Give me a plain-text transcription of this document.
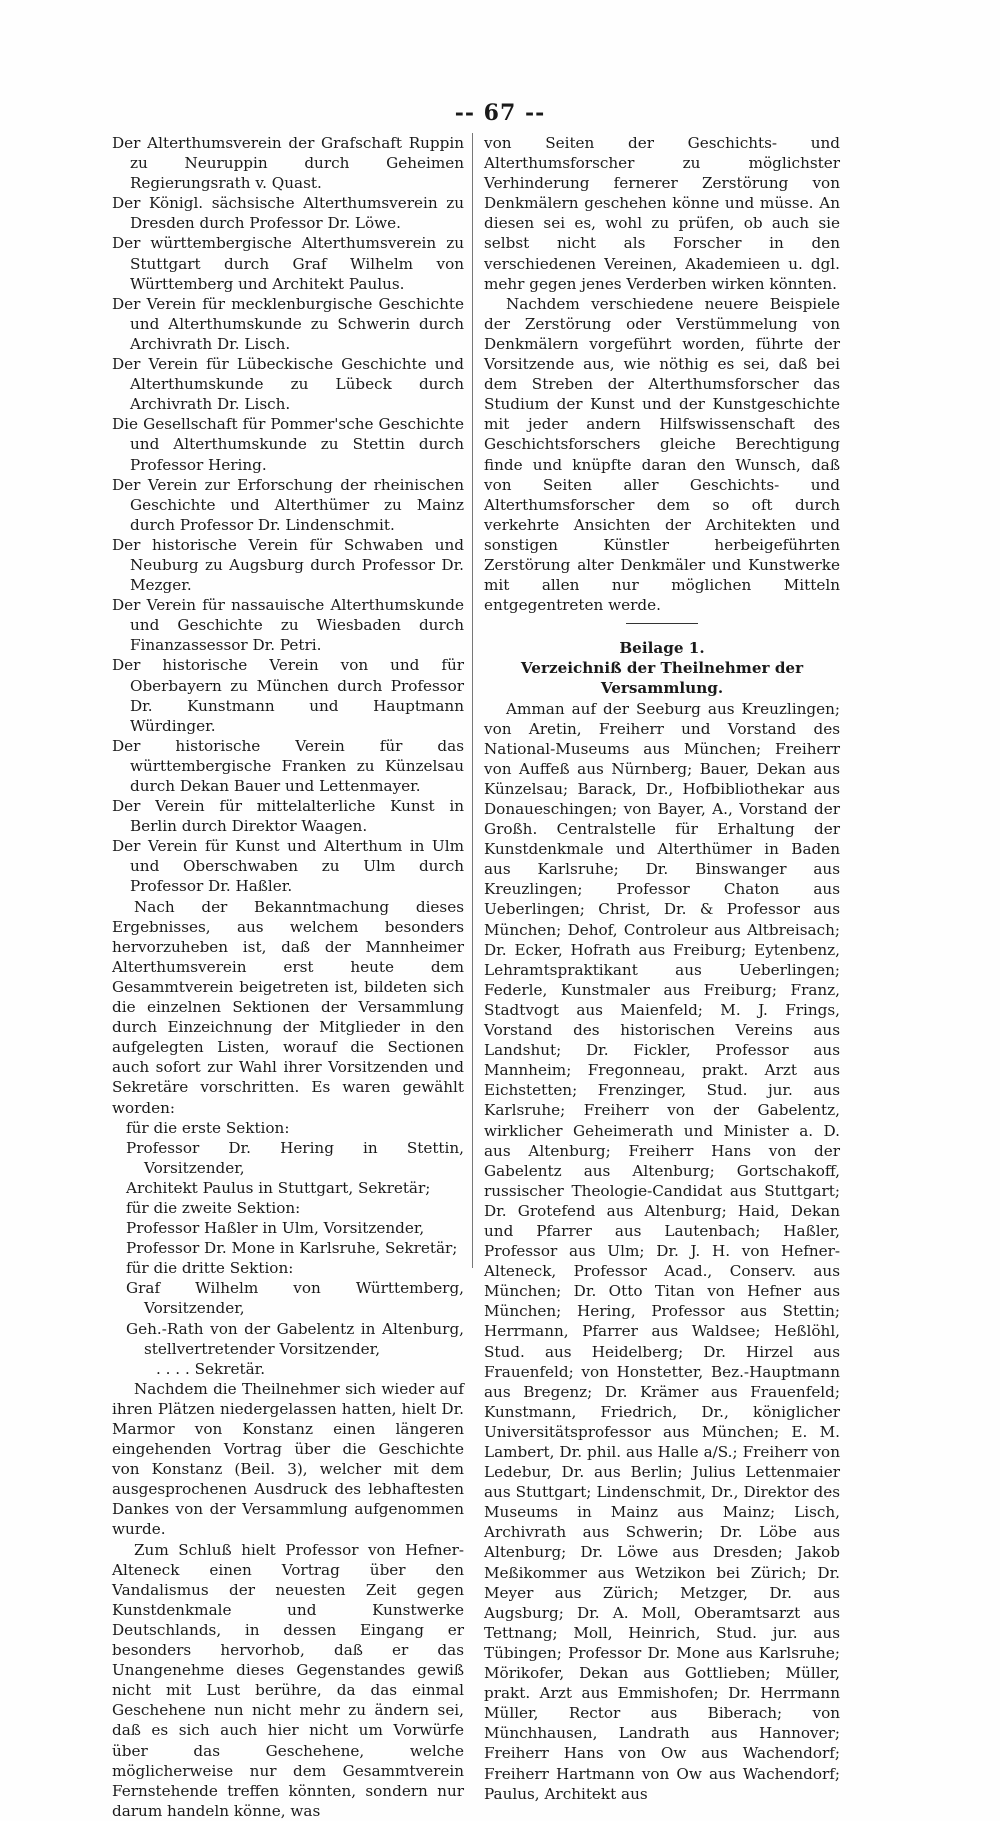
-- 67 --

Der Alterthumsverein der Grafschaft Ruppin zu Neuruppin durch Geheimen Regierungsrath v. Quast.

Der Königl. sächsische Alterthumsverein zu Dresden durch Professor Dr. Löwe.

Der württembergische Alterthumsverein zu Stuttgart durch Graf Wilhelm von Württemberg und Architekt Paulus.

Der Verein für mecklenburgische Geschichte und Alterthumskunde zu Schwerin durch Archivrath Dr. Lisch.

Der Verein für Lübeckische Geschichte und Alterthumskunde zu Lübeck durch Archivrath Dr. Lisch.

Die Gesellschaft für Pommer'sche Geschichte und Alterthumskunde zu Stettin durch Professor Hering.

Der Verein zur Erforschung der rheinischen Geschichte und Alterthümer zu Mainz durch Professor Dr. Lindenschmit.

Der historische Verein für Schwaben und Neuburg zu Augsburg durch Professor Dr. Mezger.

Der Verein für nassauische Alterthumskunde und Geschichte zu Wiesbaden durch Finanzassessor Dr. Petri.

Der historische Verein von und für Oberbayern zu München durch Professor Dr. Kunstmann und Hauptmann Würdinger.

Der historische Verein für das württembergische Franken zu Künzelsau durch Dekan Bauer und Lettenmayer.

Der Verein für mittelalterliche Kunst in Berlin durch Direktor Waagen.

Der Verein für Kunst und Alterthum in Ulm und Oberschwaben zu Ulm durch Professor Dr. Haßler.

Nach der Bekanntmachung dieses Ergebnisses, aus welchem besonders hervorzuheben ist, daß der Mannheimer Alterthumsverein erst heute dem Gesammtverein beigetreten ist, bildeten sich die einzelnen Sektionen der Versammlung durch Einzeichnung der Mitglieder in den aufgelegten Listen, worauf die Sectionen auch sofort zur Wahl ihrer Vorsitzenden und Sekretäre vorschritten. Es waren gewählt worden:

für die erste Sektion:

Professor Dr. Hering in Stettin, Vorsitzender,

Architekt Paulus in Stuttgart, Sekretär;

für die zweite Sektion:

Professor Haßler in Ulm, Vorsitzender,

Professor Dr. Mone in Karlsruhe, Sekretär;

für die dritte Sektion:

Graf Wilhelm von Württemberg, Vorsitzender,

Geh.-Rath von der Gabelentz in Altenburg, stellvertretender Vorsitzender,

. . . . Sekretär.

Nachdem die Theilnehmer sich wieder auf ihren Plätzen niedergelassen hatten, hielt Dr. Marmor von Konstanz einen längeren eingehenden Vortrag über die Geschichte von Konstanz (Beil. 3), welcher mit dem ausgesprochenen Ausdruck des lebhaftesten Dankes von der Versammlung aufgenommen wurde.

Zum Schluß hielt Professor von Hefner-Alteneck einen Vortrag über den Vandalismus der neuesten Zeit gegen Kunstdenkmale und Kunstwerke Deutschlands, in dessen Eingang er besonders hervorhob, daß er das Unangenehme dieses Gegenstandes gewiß nicht mit Lust berühre, da das einmal Geschehene nun nicht mehr zu ändern sei, daß es sich auch hier nicht um Vorwürfe über das Geschehene, welche möglicherweise nur dem Gesammtverein Fernstehende treffen könnten, sondern nur darum handeln könne, was

von Seiten der Geschichts- und Alterthumsforscher zu möglichster Verhinderung fernerer Zerstörung von Denkmälern geschehen könne und müsse. An diesen sei es, wohl zu prüfen, ob auch sie selbst nicht als Forscher in den verschiedenen Vereinen, Akademieen u. dgl. mehr gegen jenes Verderben wirken könnten.

Nachdem verschiedene neuere Beispiele der Zerstörung oder Verstümmelung von Denkmälern vorgeführt worden, führte der Vorsitzende aus, wie nöthig es sei, daß bei dem Streben der Alterthumsforscher das Studium der Kunst und der Kunstgeschichte mit jeder andern Hilfswissenschaft des Geschichtsforschers gleiche Berechtigung finde und knüpfte daran den Wunsch, daß von Seiten aller Geschichts- und Alterthumsforscher dem so oft durch verkehrte Ansichten der Architekten und sonstigen Künstler herbeigeführten Zerstörung alter Denkmäler und Kunstwerke mit allen nur möglichen Mitteln entgegentreten werde.

Beilage 1.

Verzeichniß der Theilnehmer der Versammlung.

Amman auf der Seeburg aus Kreuzlingen; von Aretin, Freiherr und Vorstand des National-Museums aus München; Freiherr von Auffeß aus Nürnberg; Bauer, Dekan aus Künzelsau; Barack, Dr., Hofbibliothekar aus Donaueschingen; von Bayer, A., Vorstand der Großh. Centralstelle für Erhaltung der Kunstdenkmale und Alterthümer in Baden aus Karlsruhe; Dr. Binswanger aus Kreuzlingen; Professor Chaton aus Ueberlingen; Christ, Dr. & Professor aus München; Dehof, Controleur aus Altbreisach; Dr. Ecker, Hofrath aus Freiburg; Eytenbenz, Lehramtspraktikant aus Ueberlingen; Federle, Kunstmaler aus Freiburg; Franz, Stadtvogt aus Maienfeld; M. J. Frings, Vorstand des historischen Vereins aus Landshut; Dr. Fickler, Professor aus Mannheim; Fregonneau, prakt. Arzt aus Eichstetten; Frenzinger, Stud. jur. aus Karlsruhe; Freiherr von der Gabelentz, wirklicher Geheimerath und Minister a. D. aus Altenburg; Freiherr Hans von der Gabelentz aus Altenburg; Gortschakoff, russischer Theologie-Candidat aus Stuttgart; Dr. Grotefend aus Altenburg; Haid, Dekan und Pfarrer aus Lautenbach; Haßler, Professor aus Ulm; Dr. J. H. von Hefner-Alteneck, Professor Acad., Conserv. aus München; Dr. Otto Titan von Hefner aus München; Hering, Professor aus Stettin; Herrmann, Pfarrer aus Waldsee; Heßlöhl, Stud. aus Heidelberg; Dr. Hirzel aus Frauenfeld; von Honstetter, Bez.-Hauptmann aus Bregenz; Dr. Krämer aus Frauenfeld; Kunstmann, Friedrich, Dr., königlicher Universitätsprofessor aus München; E. M. Lambert, Dr. phil. aus Halle a/S.; Freiherr von Ledebur, Dr. aus Berlin; Julius Lettenmaier aus Stuttgart; Lindenschmit, Dr., Direktor des Museums in Mainz aus Mainz; Lisch, Archivrath aus Schwerin; Dr. Löbe aus Altenburg; Dr. Löwe aus Dresden; Jakob Meßikommer aus Wetzikon bei Zürich; Dr. Meyer aus Zürich; Metzger, Dr. aus Augsburg; Dr. A. Moll, Oberamtsarzt aus Tettnang; Moll, Heinrich, Stud. jur. aus Tübingen; Professor Dr. Mone aus Karlsruhe; Mörikofer, Dekan aus Gottlieben; Müller, prakt. Arzt aus Emmishofen; Dr. Herrmann Müller, Rector aus Biberach; von Münchhausen, Landrath aus Hannover; Freiherr Hans von Ow aus Wachendorf; Freiherr Hartmann von Ow aus Wachendorf; Paulus, Architekt aus
